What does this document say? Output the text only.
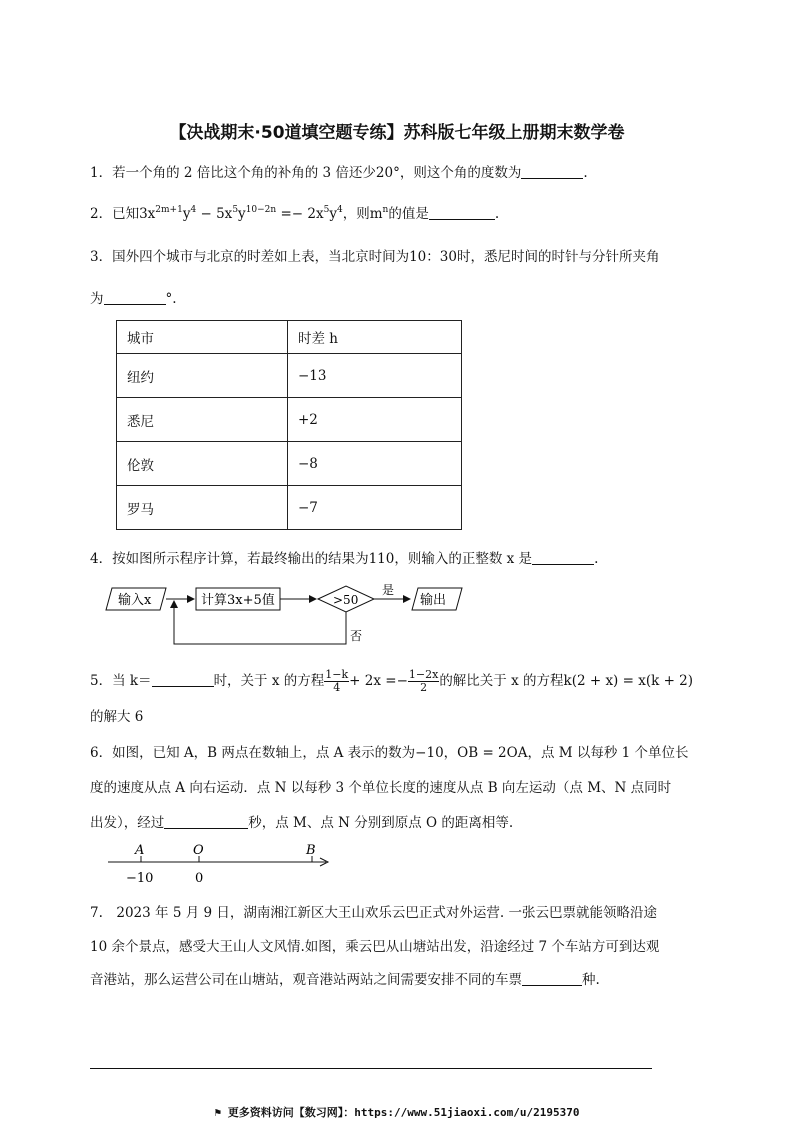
【决战期末·50道填空题专练】苏科版七年级上册期末数学卷
1．若一个角的 2 倍比这个角的补角的 3 倍还少20°，则这个角的度数为	.
2．已知$3x^{2m+1}y^4 - 5x^5y^{10-2n} =- 2x^5y^4$，则$m^n$的值是	.
3．国外四个城市与北京的时差如上表，当北京时间为10：30时，悉尼时间的时针与分针所夹角
为	°.
城市	时差 h
纽约	−13
悉尼	+2
伦敦	−8
罗马	−7
4．按如图所示程序计算，若最终输出的结果为110，则输入的正整数 x 是	.
输入x	计算3x+5值	>50
是
输出
否
5．当 k＝	时，关于 x 的方程 $\frac{1-k}{4} + 2x =- \frac{1-2x}{2}$ 的解比关于 x 的方程k(2 + x) = x(k + 2)
的解大 6
6．如图，已知 A，B 两点在数轴上，点 A 表示的数为−10，OB = 2OA，点 M 以每秒 1 个单位长
度的速度从点 A 向右运动．点 N 以每秒 3 个单位长度的速度从点 B 向左运动（点 M、N 点同时
出发），经过	秒，点 M、点 N 分别到原点 O 的距离相等.
A	O	B
−10	0
7.　2023 年 5 月 9 日，湖南湘江新区大王山欢乐云巴正式对外运营. 一张云巴票就能领略沿途
10 余个景点，感受大王山人文风情.如图，乘云巴从山塘站出发，沿途经过 7 个车站方可到达观
音港站，那么运营公司在山塘站，观音港站两站之间需要安排不同的车票	种.
⚑ 更多资料访问【数习网】：https://www.51jiaoxi.com/u/2195370
